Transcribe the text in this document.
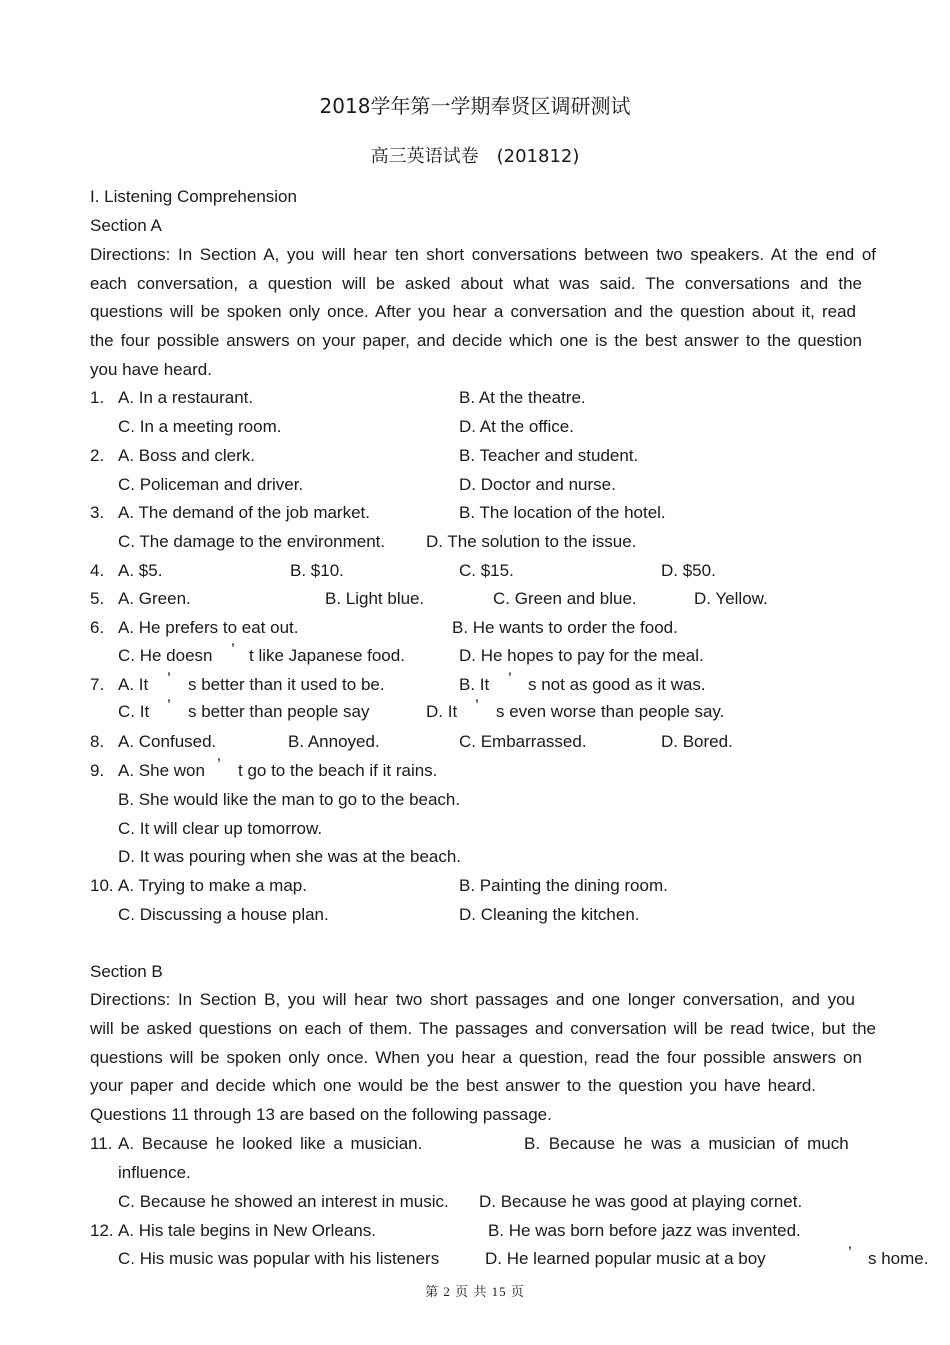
2018学年第一学期奉贤区调研测试
高三英语试卷　(201812)
I. Listening Comprehension
Section A
Directions: In Section A, you will hear ten short conversations between two speakers. At the end of
each conversation, a question will be asked about what was said. The conversations and the
questions will be spoken only once. After you hear a conversation and the question about it, read
the four possible answers on your paper, and decide which one is the best answer to the question
you have heard.
1. A. In a restaurant.	B. At the theatre.
C. In a meeting room.	D. At the office.
2. A. Boss and clerk.	B. Teacher and student.
C. Policeman and driver.	D. Doctor and nurse.
3. A. The demand of the job market.	B. The location of the hotel.
C. The damage to the environment. D. The solution to the issue.
4. A. $5.	B. $10.	C. $15.	D. $50.
5. A. Green.	B. Light blue.	C. Green and blue.	D. Yellow.
6. A. He prefers to eat out.	B. He wants to order the food.
C. He doesn ’ t like Japanese food.	D. He hopes to pay for the meal.
7. A. It ’ s better than it used to be.	B. It ’ s not as good as it was.
C. It ’ s better than people say	D. It ’ s even worse than people say.
8. A. Confused.	B. Annoyed.	C. Embarrassed.	D. Bored.
9. A. She won ’ t go to the beach if it rains.
B. She would like the man to go to the beach.
C. It will clear up tomorrow.
D. It was pouring when she was at the beach.
10. A. Trying to make a map.	B. Painting the dining room.
C. Discussing a house plan.	D. Cleaning the kitchen.
Section B
Directions: In Section B, you will hear two short passages and one longer conversation, and you
will be asked questions on each of them. The passages and conversation will be read twice, but the
questions will be spoken only once. When you hear a question, read the four possible answers on
your paper and decide which one would be the best answer to the question you have heard.
Questions 11 through 13 are based on the following passage.
11. A. Because he looked like a musician.	B. Because he was a musician of much
influence.
C. Because he showed an interest in music. D. Because he was good at playing cornet.
12. A. His tale begins in New Orleans.	B. He was born before jazz was invented.
C. His music was popular with his listeners	D. He learned popular music at a boy	’ s home.
第 2 页 共 15 页
